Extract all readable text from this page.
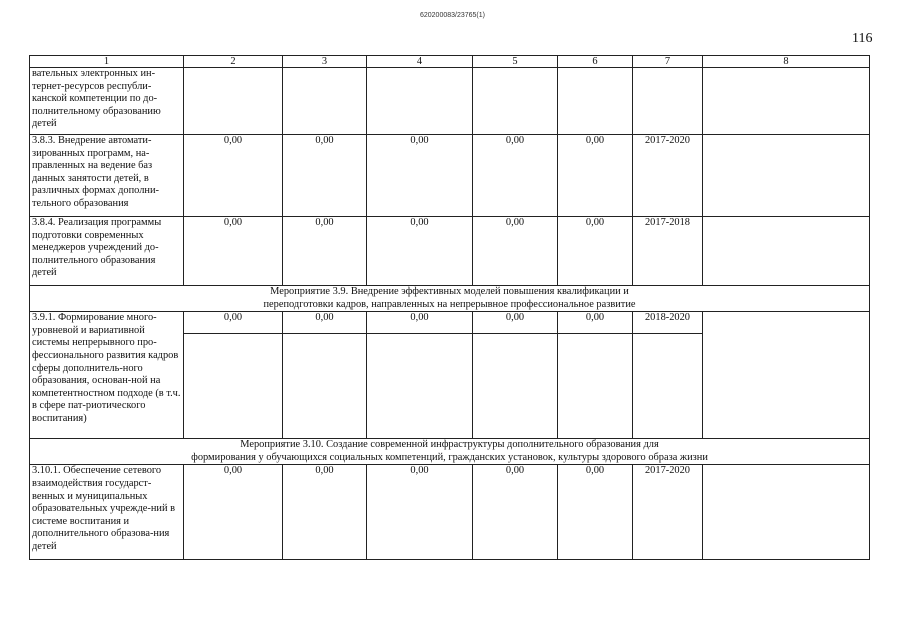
620200083/23765(1)
116
1	2	3	4	5	6	7	8
вательных электронных ин-тернет-ресурсов республи-канской компетенции по до-полнительному образованию детей							
3.8.3. Внедрение автомати-зированных программ, на-правленных на ведение баз данных занятости детей, в различных формах дополни-тельного образования	0,00	0,00	0,00	0,00	0,00	2017-2020	
3.8.4. Реализация программы подготовки современных менеджеров учреждений до-полнительного образования детей	0,00	0,00	0,00	0,00	0,00	2017-2018	

Мероприятие 3.9. Внедрение эффективных моделей повышения квалификации и
переподготовки кадров, направленных на непрерывное профессиональное развитие							

3.9.1. Формирование много-уровневой и вариативной системы непрерывного про-фессионального развития кадров сферы дополнитель-ного образования, основан-ной на компетентностном подходе (в т.ч. в сфере пат-риотического воспитания)	0,00	0,00	0,00	0,00	0,00	2018-2020	

Мероприятие 3.10. Создание современной инфраструктуры дополнительного образования для
формирования у обучающихся социальных компетенций, гражданских установок, культуры здорового образа жизни							

3.10.1. Обеспечение сетевого взаимодействия государст-венных и муниципальных образовательных учрежде-ний в системе воспитания и дополнительного образова-ния детей	0,00	0,00	0,00	0,00	0,00	2017-2020	
